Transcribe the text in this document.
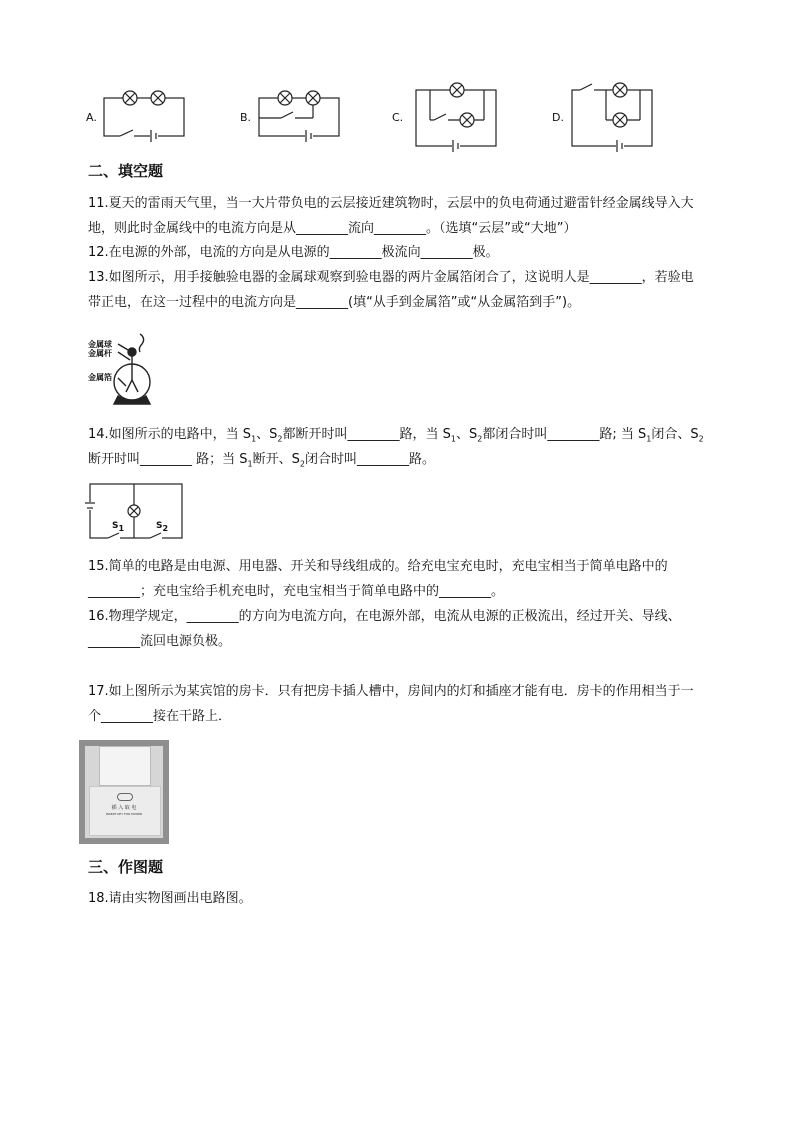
A.	B.	C.	D.
二、填空题
11.夏天的雷雨天气里，当一大片带负电的云层接近建筑物时，云层中的负电荷通过避雷针经金属线导入大
地，则此时金属线中的电流方向是从________流向________。（选填“云层”或“大地”）
12.在电源的外部，电流的方向是从电源的________极流向________极。
13.如图所示，用手接触验电器的金属球观察到验电器的两片金属箔闭合了，这说明人是________，若验电
带正电，在这一过程中的电流方向是________(填“从手到金属箔”或“从金属箔到手”)。
金属球
金属杆
金属箔
14.如图所示的电路中，当 $S_1$、$S_2$都断开时叫________路，当 $S_1$、$S_2$都闭合时叫________路; 当 $S_1$闭合、$S_2$
断开时叫________ 路；当 $S_1$断开、$S_2$闭合时叫________路。
$S_1$	$S_2$
15.简单的电路是由电源、用电器、开关和导线组成的。给充电宝充电时，充电宝相当于简单电路中的
________；充电宝给手机充电时，充电宝相当于简单电路中的________。
16.物理学规定，________的方向为电流方向，在电源外部，电流从电源的正极流出，经过开关、导线、
________流回电源负极。
17.如上图所示为某宾馆的房卡．只有把房卡插人槽中，房间内的灯和插座才能有电．房卡的作用相当于一
个________接在干路上．
插 入 取 电
INSERT KEY FOR POWER
三、作图题
18.请由实物图画出电路图。
